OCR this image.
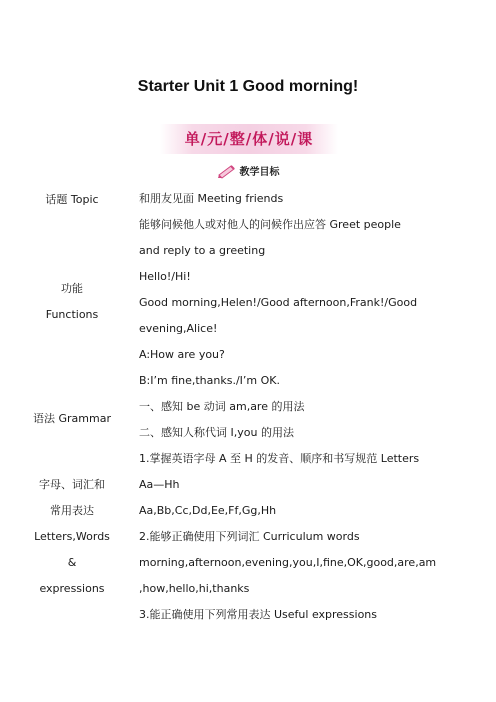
Starter Unit 1 Good morning!
单/元/整/体/说/课
教学目标
话题 Topic
功能
Functions
语法 Grammar
字母、词汇和
常用表达
Letters,Words
&
expressions
和朋友见面 Meeting friends
能够问候他人或对他人的问候作出应答 Greet people
and reply to a greeting
Hello!/Hi!
Good morning,Helen!/Good afternoon,Frank!/Good
evening,Alice!
A:How are you?
B:I’m fine,thanks./I’m OK.
一、感知 be 动词 am,are 的用法
二、感知人称代词 I,you 的用法
1.掌握英语字母 A 至 H 的发音、顺序和书写规范 Letters
Aa—Hh
Aa,Bb,Cc,Dd,Ee,Ff,Gg,Hh
2.能够正确使用下列词汇 Curriculum words
morning,afternoon,evening,you,I,fine,OK,good,are,am
,how,hello,hi,thanks
3.能正确使用下列常用表达 Useful expressions
